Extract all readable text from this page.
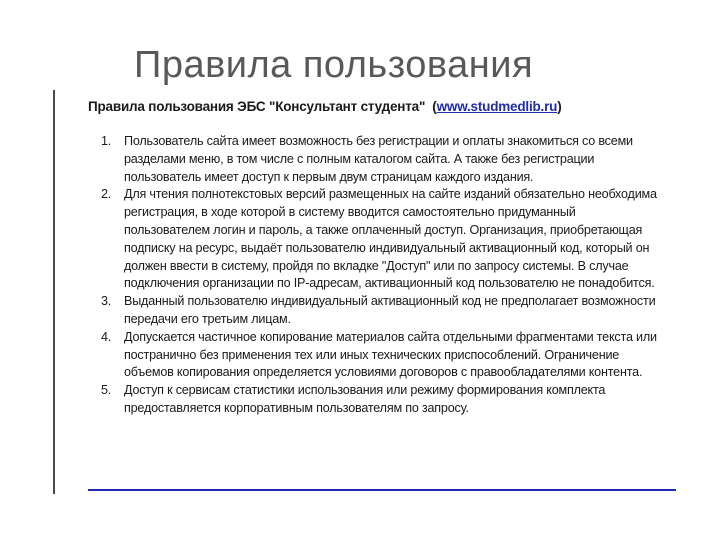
Правила пользования
Правила пользования ЭБС "Консультант студента" (www.studmedlib.ru)
1. Пользователь сайта имеет возможность без регистрации и оплаты знакомиться со всеми разделами меню, в том числе с полным каталогом сайта. А также без регистрации пользователь имеет доступ к первым двум страницам каждого издания.
2. Для чтения полнотекстовых версий размещенных на сайте изданий обязательно необходима регистрация, в ходе которой в систему вводится самостоятельно придуманный пользователем логин и пароль, а также оплаченный доступ. Организация, приобретающая подписку на ресурс, выдаёт пользователю индивидуальный активационный код, который он должен ввести в систему, пройдя по вкладке "Доступ" или по запросу системы. В случае подключения организации по IP-адресам, активационный код пользователю не понадобится.
3. Выданный пользователю индивидуальный активационный код не предполагает возможности передачи его третьим лицам.
4. Допускается частичное копирование материалов сайта отдельными фрагментами текста или постранично без применения тех или иных технических приспособлений. Ограничение объемов копирования определяется условиями договоров с правообладателями контента.
5. Доступ к сервисам статистики использования или режиму формирования комплекта предоставляется корпоративным пользователям по запросу.
